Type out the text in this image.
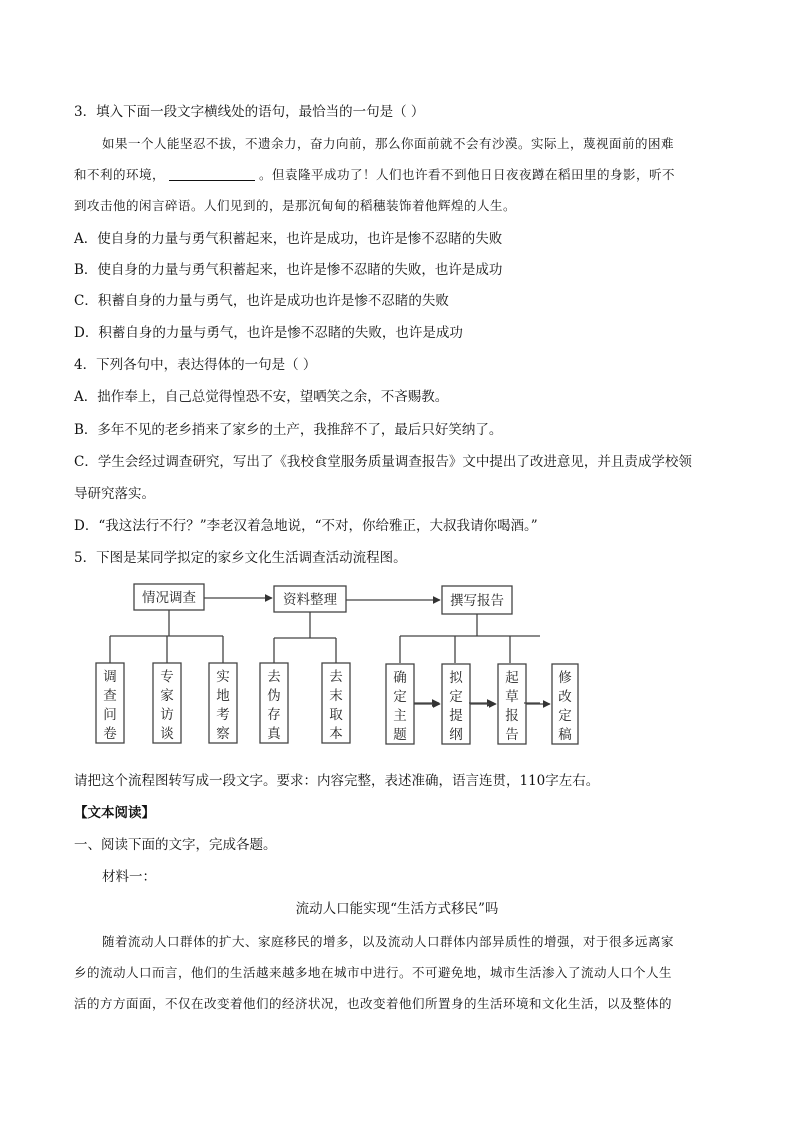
3．填入下面一段文字横线处的语句，最恰当的一句是（ ）
如果一个人能坚忍不拔，不遗余力，奋力向前，那么你面前就不会有沙漠。实际上，蔑视面前的困难
和不利的环境，	。但袁隆平成功了！人们也许看不到他日日夜夜蹲在稻田里的身影，听不
到攻击他的闲言碎语。人们见到的，是那沉甸甸的稻穗装饰着他辉煌的人生。
A．使自身的力量与勇气积蓄起来，也许是成功，也许是惨不忍睹的失败
B．使自身的力量与勇气积蓄起来，也许是惨不忍睹的失败，也许是成功
C．积蓄自身的力量与勇气，也许是成功也许是惨不忍睹的失败
D．积蓄自身的力量与勇气，也许是惨不忍睹的失败，也许是成功
4．下列各句中，表达得体的一句是（ ）
A．拙作奉上，自己总觉得惶恐不安，望哂笑之余，不吝赐教。
B．多年不见的老乡捎来了家乡的土产，我推辞不了，最后只好笑纳了。
C．学生会经过调查研究，写出了《我校食堂服务质量调查报告》文中提出了改进意见，并且责成学校领
导研究落实。
D．“我这法行不行？”李老汉着急地说，“不对，你给雅正，大叔我请你喝酒。”
5．下图是某同学拟定的家乡文化生活调查活动流程图。
情况调查	资料整理	撰写报告
调
查
问
卷
专
家
访
谈
实
地
考
察
去
伪
存
真
去
末
取
本
确
定
主
题
拟
定
提
纲
起
草
报
告
修
改
定
稿
请把这个流程图转写成一段文字。要求：内容完整，表述准确，语言连贯，110字左右。
【文本阅读】
一、阅读下面的文字，完成各题。
材料一：
流动人口能实现“生活方式移民”吗
随着流动人口群体的扩大、家庭移民的增多，以及流动人口群体内部异质性的增强，对于很多远离家
乡的流动人口而言，他们的生活越来越多地在城市中进行。不可避免地，城市生活渗入了流动人口个人生
活的方方面面，不仅在改变着他们的经济状况，也改变着他们所置身的生活环境和文化生活，以及整体的
